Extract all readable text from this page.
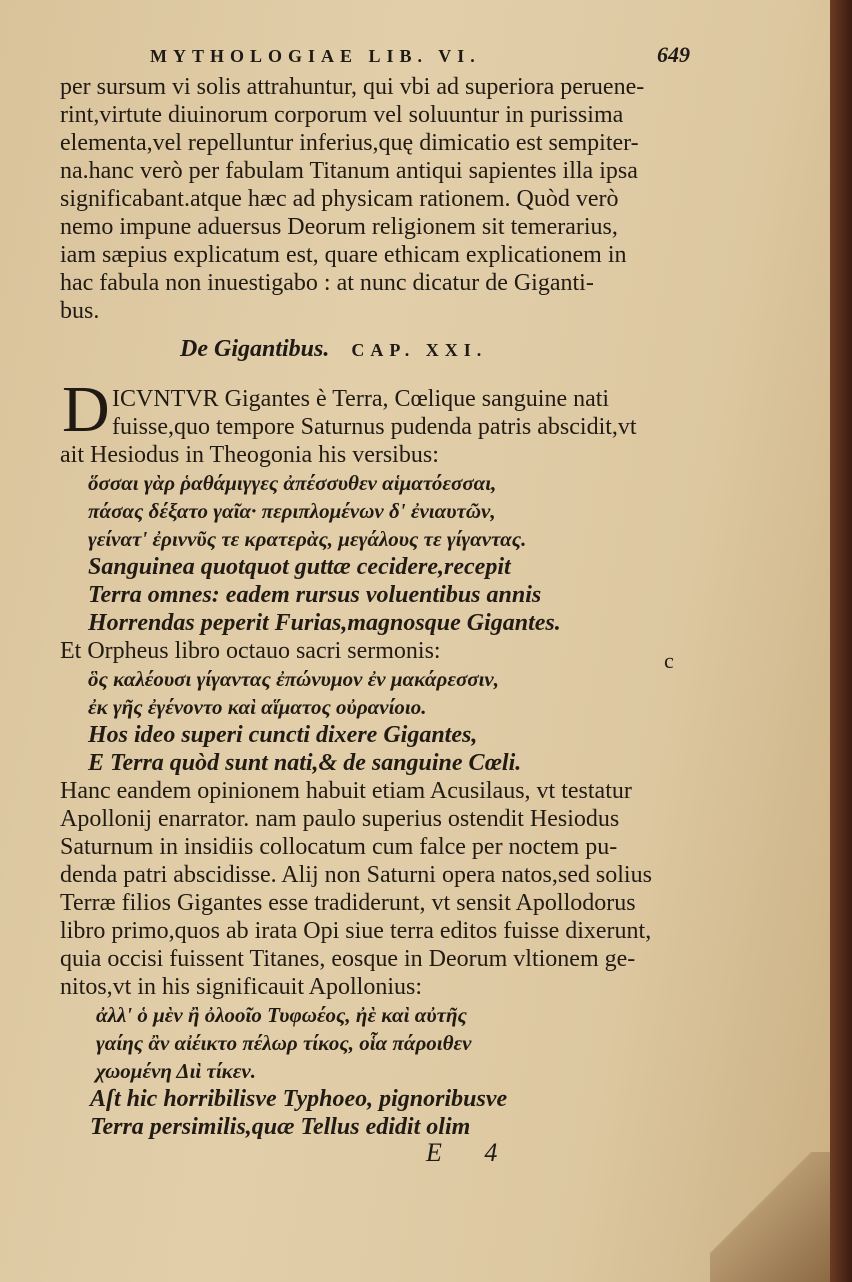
MYTHOLOGIAE LIB. VI.	649
per sursum vi solis attrahuntur, qui vbi ad superiora peruene-
rint,virtute diuinorum corporum vel soluuntur in purissima
elementa,vel repelluntur inferius,quę dimicatio est sempiter-
na.hanc verò per fabulam Titanum antiqui sapientes illa ipsa
significabant.atque hæc ad physicam rationem. Quòd verò
nemo impune aduersus Deorum religionem sit temerarius,
iam sæpius explicatum est, quare ethicam explicationem in
hac fabula non inuestigabo : at nunc dicatur de Giganti-
bus.
De Gigantibus. CAP. XXI.
D ICVNTVR Gigantes è Terra, Cœlique sanguine nati
fuisse,quo tempore Saturnus pudenda patris abscidit,vt
ait Hesiodus in Theogonia his versibus:
ὅσσαι γὰρ ῥαθάμιγγες ἀπέσσυθεν αἱματόεσσαι,
πάσας δέξατο γαῖα· περιπλομένων δ' ἐνιαυτῶν,
γείνατ' ἐριννῦς τε κρατερὰς, μεγάλους τε γίγαντας.
Sanguinea quotquot guttæ cecidere,recepit
Terra omnes: eadem rursus voluentibus annis
Horrendas peperit Furias,magnosque Gigantes.
Et Orpheus libro octauo sacri sermonis:
ὃς καλέουσι γίγαντας ἐπώνυμον ἐν μακάρεσσιν,
ἐκ γῆς ἐγένοντο καὶ αἵματος οὐρανίοιο.
Hos ideo superi cuncti dixere Gigantes,
E Terra quòd sunt nati,& de sanguine Cœli.
Hanc eandem opinionem habuit etiam Acusilaus, vt testatur
Apollonij enarrator. nam paulo superius ostendit Hesiodus
Saturnum in insidiis collocatum cum falce per noctem pu-
denda patri abscidisse. Alij non Saturni opera natos,sed solius
Terræ filios Gigantes esse tradiderunt, vt sensit Apollodorus
libro primo,quos ab irata Opi siue terra editos fuisse dixerunt,
quia occisi fuissent Titanes, eosque in Deorum vltionem ge-
nitos,vt in his significauit Apollonius:
ἀλλ' ὁ μὲν ἢ ὀλοοῖο Τυφωέος, ἠὲ καὶ αὐτῆς
γαίης ἂν αἰέικτο πέλωρ τίκος, οἷα πάροιθεν
χωομένη Διὶ τίκεν.
Aſt hic horribilisve Typhoeo, pignoribusve
Terra persimilis,quæ Tellus edidit olim
c
E 4
